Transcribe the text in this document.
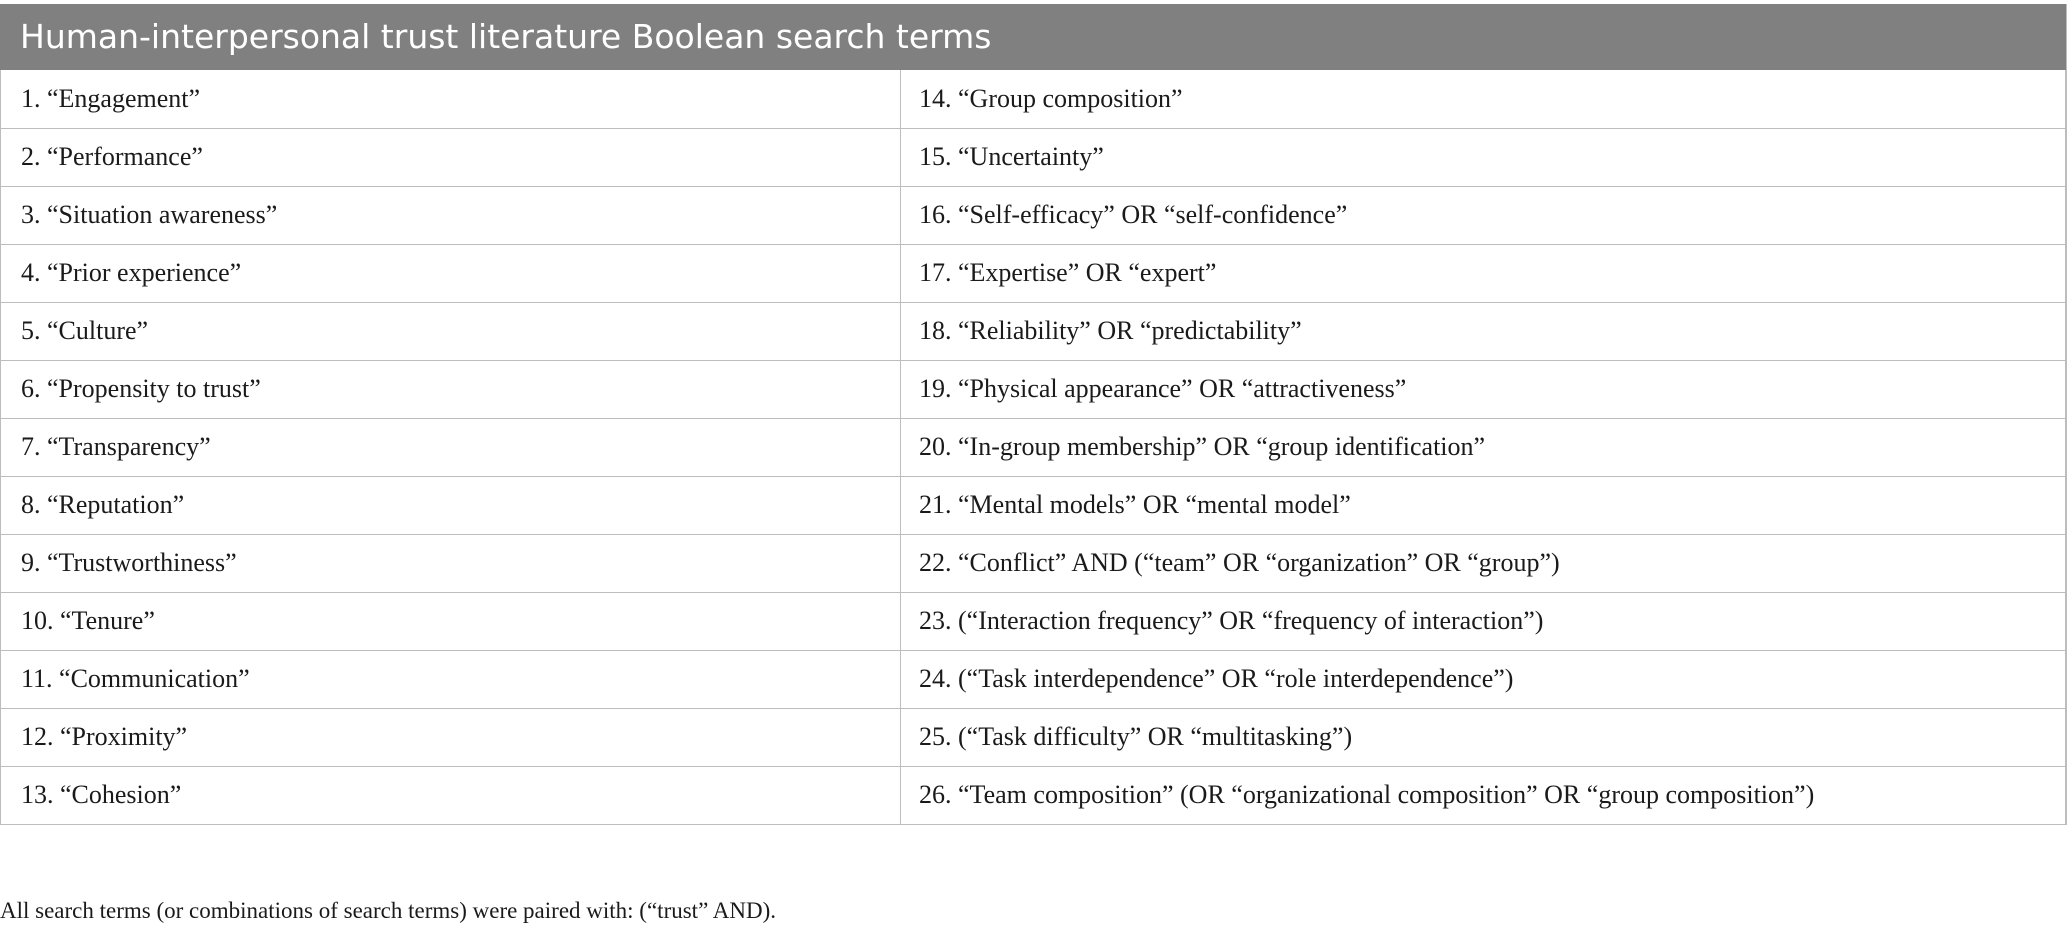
Human-interpersonal trust literature Boolean search terms
1. “Engagement”	14. “Group composition”
2. “Performance”	15. “Uncertainty”
3. “Situation awareness”	16. “Self-efficacy” OR “self-confidence”
4. “Prior experience”	17. “Expertise” OR “expert”
5. “Culture”	18. “Reliability” OR “predictability”
6. “Propensity to trust”	19. “Physical appearance” OR “attractiveness”
7. “Transparency”	20. “In-group membership” OR “group identification”
8. “Reputation”	21. “Mental models” OR “mental model”
9. “Trustworthiness”	22. “Conflict” AND (“team” OR “organization” OR “group”)
10. “Tenure”	23. (“Interaction frequency” OR “frequency of interaction”)
11. “Communication”	24. (“Task interdependence” OR “role interdependence”)
12. “Proximity”	25. (“Task difficulty” OR “multitasking”)
13. “Cohesion”	26. “Team composition” (OR “organizational composition” OR “group composition”)
All search terms (or combinations of search terms) were paired with: (“trust” AND).
